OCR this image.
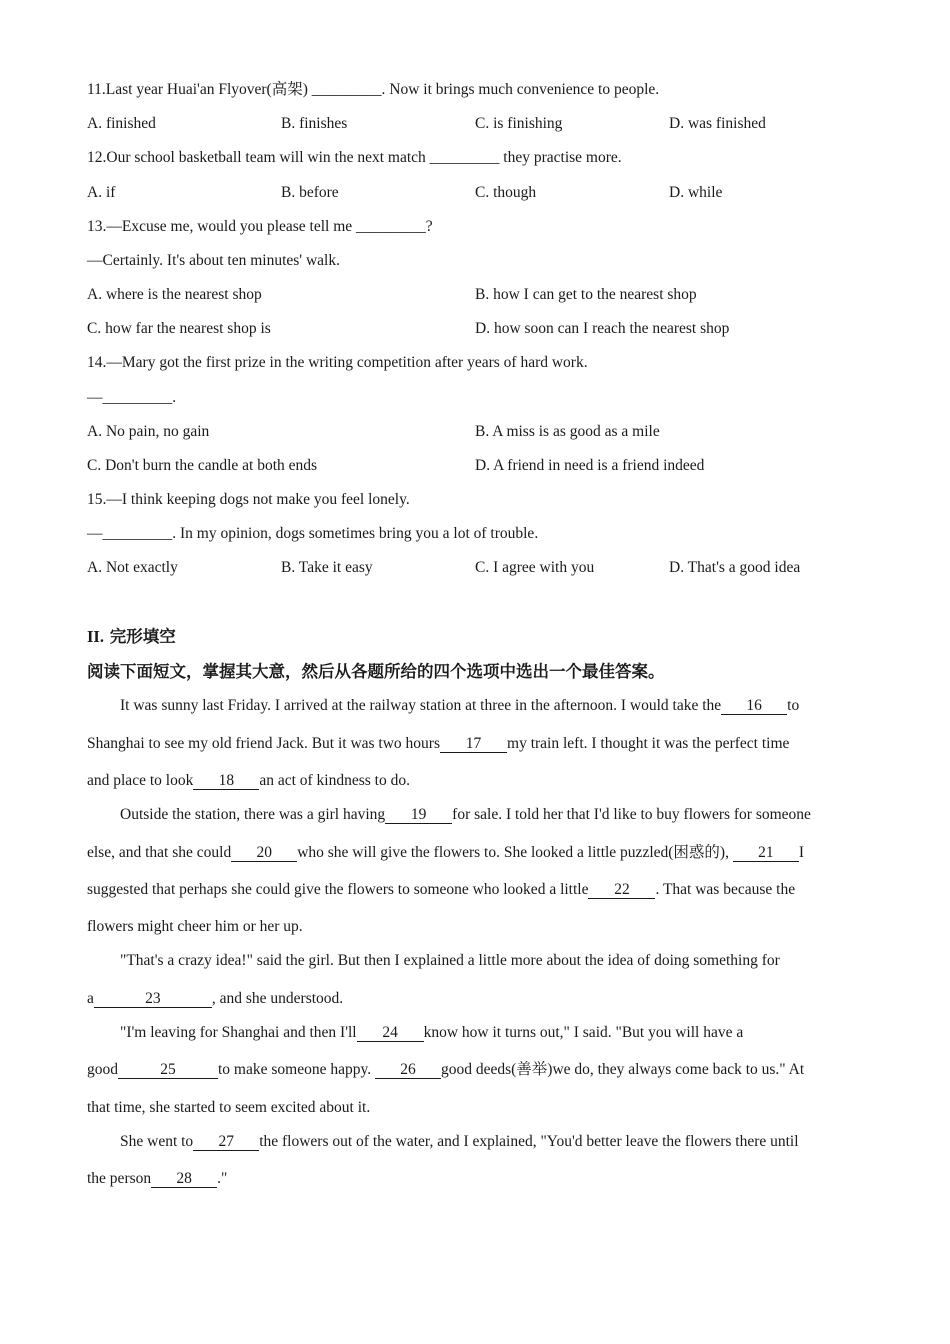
11.Last year Huai'an Flyover(高架) _________. Now it brings much convenience to people.
A. finished	B. finishes	C. is finishing	D. was finished
12.Our school basketball team will win the next match _________ they practise more.
A. if	B. before	C. though	D. while
13.—Excuse me, would you please tell me _________?
—Certainly. It's about ten minutes' walk.
A. where is the nearest shop	B. how I can get to the nearest shop
C. how far the nearest shop is	D. how soon can I reach the nearest shop
14.—Mary got the first prize in the writing competition after years of hard work.
—_________.
A. No pain, no gain	B. A miss is as good as a mile
C. Don't burn the candle at both ends	D. A friend in need is a friend indeed
15.—I think keeping dogs not make you feel lonely.
—_________. In my opinion, dogs sometimes bring you a lot of trouble.
A. Not exactly	B. Take it easy	C. I agree with you	D. That's a good idea
II. 完形填空
阅读下面短文，掌握其大意，然后从各题所给的四个选项中选出一个最佳答案。
It was sunny last Friday. I arrived at the railway station at three in the afternoon. I would take the 16 to
Shanghai to see my old friend Jack. But it was two hours 17 my train left. I thought it was the perfect time
and place to look 18 an act of kindness to do.
Outside the station, there was a girl having 19 for sale. I told her that I'd like to buy flowers for someone
else, and that she could 20 who she will give the flowers to. She looked a little puzzled(困惑的), 21 I
suggested that perhaps she could give the flowers to someone who looked a little 22 . That was because the
flowers might cheer him or her up.
"That's a crazy idea!" said the girl. But then I explained a little more about the idea of doing something for
a	23	, and she understood.
"I'm leaving for Shanghai and then I'll 24 know how it turns out," I said. "But you will have a
good	25	to make someone happy. 26 good deeds(善举)we do, they always come back to us." At
that time, she started to seem excited about it.
She went to 27 the flowers out of the water, and I explained, "You'd better leave the flowers there until
the person 28 ."
